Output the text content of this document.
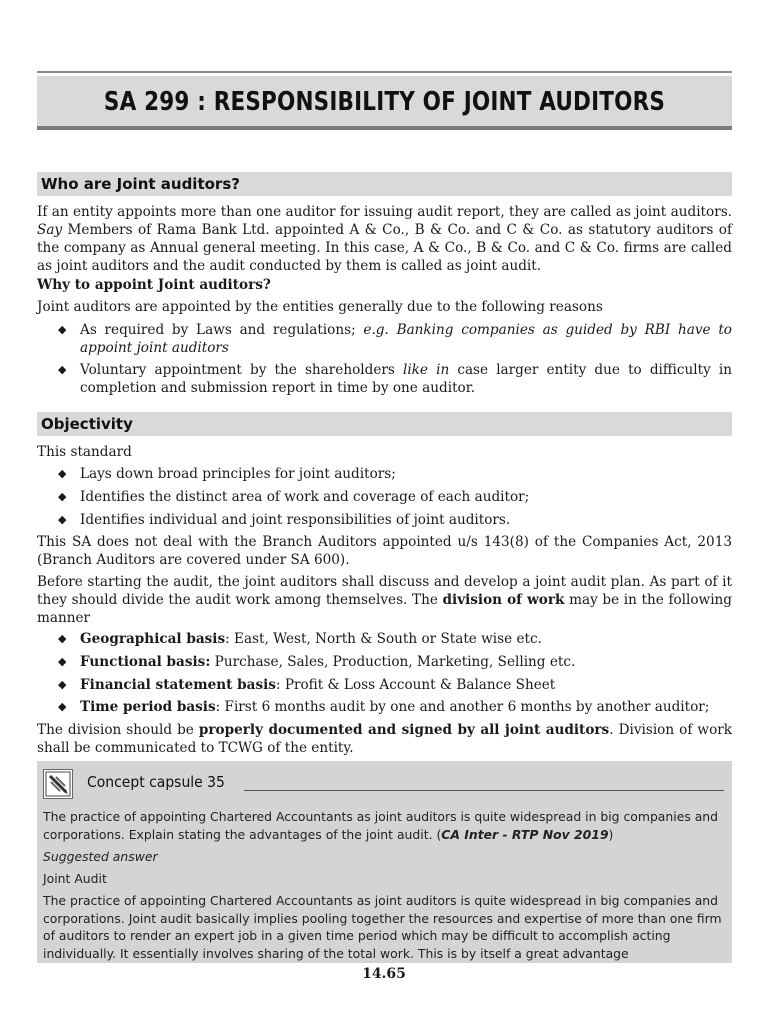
SA 299 : RESPONSIBILITY OF JOINT AUDITORS
Who are Joint auditors?

If an entity appoints more than one auditor for issuing audit report, they are called as joint auditors. Say Members of Rama Bank Ltd. appointed A & Co., B & Co. and C & Co. as statutory auditors of the company as Annual general meeting. In this case, A & Co., B & Co. and C & Co. firms are called as joint auditors and the audit conducted by them is called as joint audit.

Why to appoint Joint auditors?
Joint auditors are appointed by the entities generally due to the following reasons
◆ As required by Laws and regulations; e.g. Banking companies as guided by RBI have to appoint joint auditors
◆ Voluntary appointment by the shareholders like in case larger entity due to difficulty in completion and submission report in time by one auditor.
Objectivity
This standard
◆ Lays down broad principles for joint auditors;
◆ Identifies the distinct area of work and coverage of each auditor;
◆ Identifies individual and joint responsibilities of joint auditors.
This SA does not deal with the Branch Auditors appointed u/s 143(8) of the Companies Act, 2013 (Branch Auditors are covered under SA 600).

Before starting the audit, the joint auditors shall discuss and develop a joint audit plan. As part of it they should divide the audit work among themselves. The division of work may be in the following manner

◆ Geographical basis: East, West, North & South or State wise etc.
◆ Functional basis: Purchase, Sales, Production, Marketing, Selling etc.
◆ Financial statement basis: Profit & Loss Account & Balance Sheet
◆ Time period basis: First 6 months audit by one and another 6 months by another auditor;

The division should be properly documented and signed by all joint auditors. Division of work shall be communicated to TCWG of the entity.

Concept capsule 35
The practice of appointing Chartered Accountants as joint auditors is quite widespread in big companies and corporations. Explain stating the advantages of the joint audit. (CA Inter - RTP Nov 2019)
Suggested answer
Joint Audit
The practice of appointing Chartered Accountants as joint auditors is quite widespread in big companies and corporations. Joint audit basically implies pooling together the resources and expertise of more than one firm of auditors to render an expert job in a given time period which may be difficult to accomplish acting individually. It essentially involves sharing of the total work. This is by itself a great advantage
14.65
